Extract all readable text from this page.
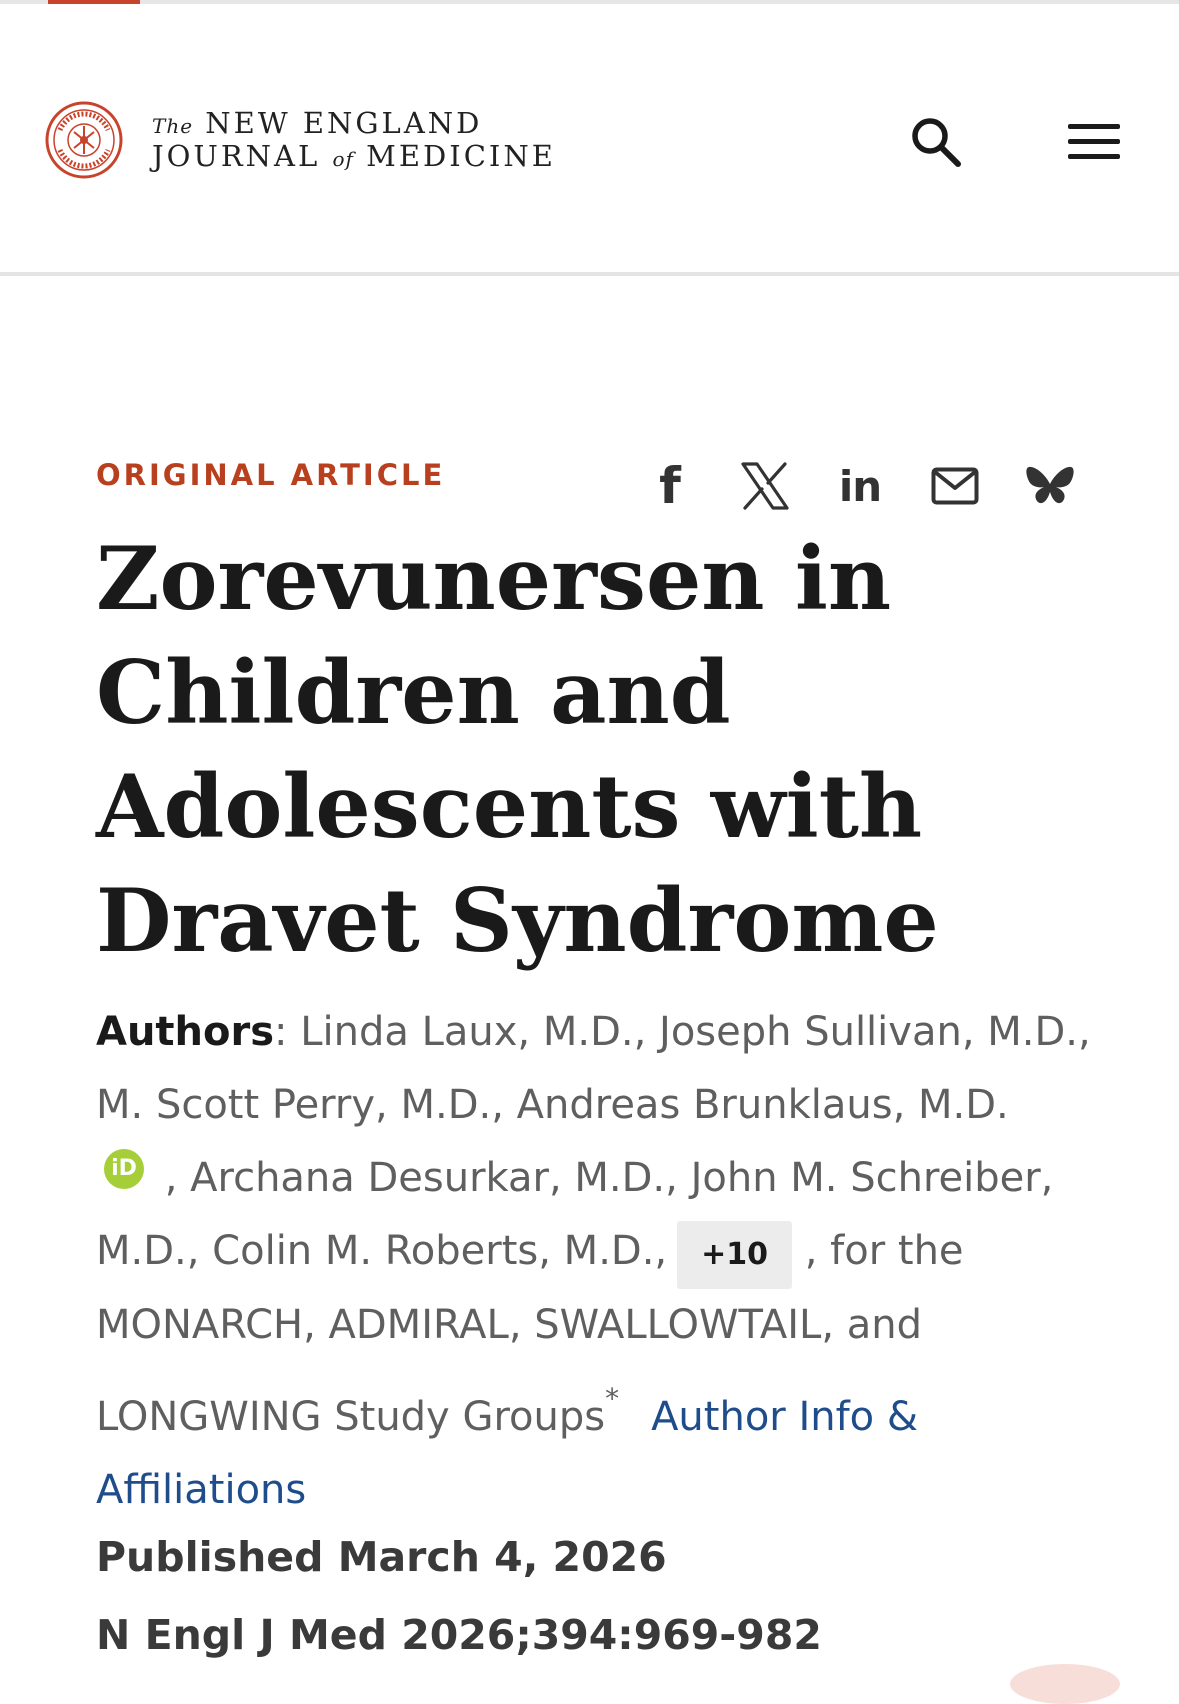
The NEW ENGLAND
JOURNAL of MEDICINE
ORIGINAL ARTICLE	f	in
Zorevunersen in Children and Adolescents with Dravet Syndrome
Authors: Linda Laux, M.D., Joseph Sullivan, M.D., M. Scott Perry, M.D., Andreas Brunklaus, M.D.
iD , Archana Desurkar, M.D., John M. Schreiber, M.D., Colin M. Roberts, M.D., +10 , for the MONARCH, ADMIRAL, SWALLOWTAIL, and LONGWING Study Groups* Author Info & Affiliations
Published March 4, 2026
N Engl J Med 2026;394:969-982
